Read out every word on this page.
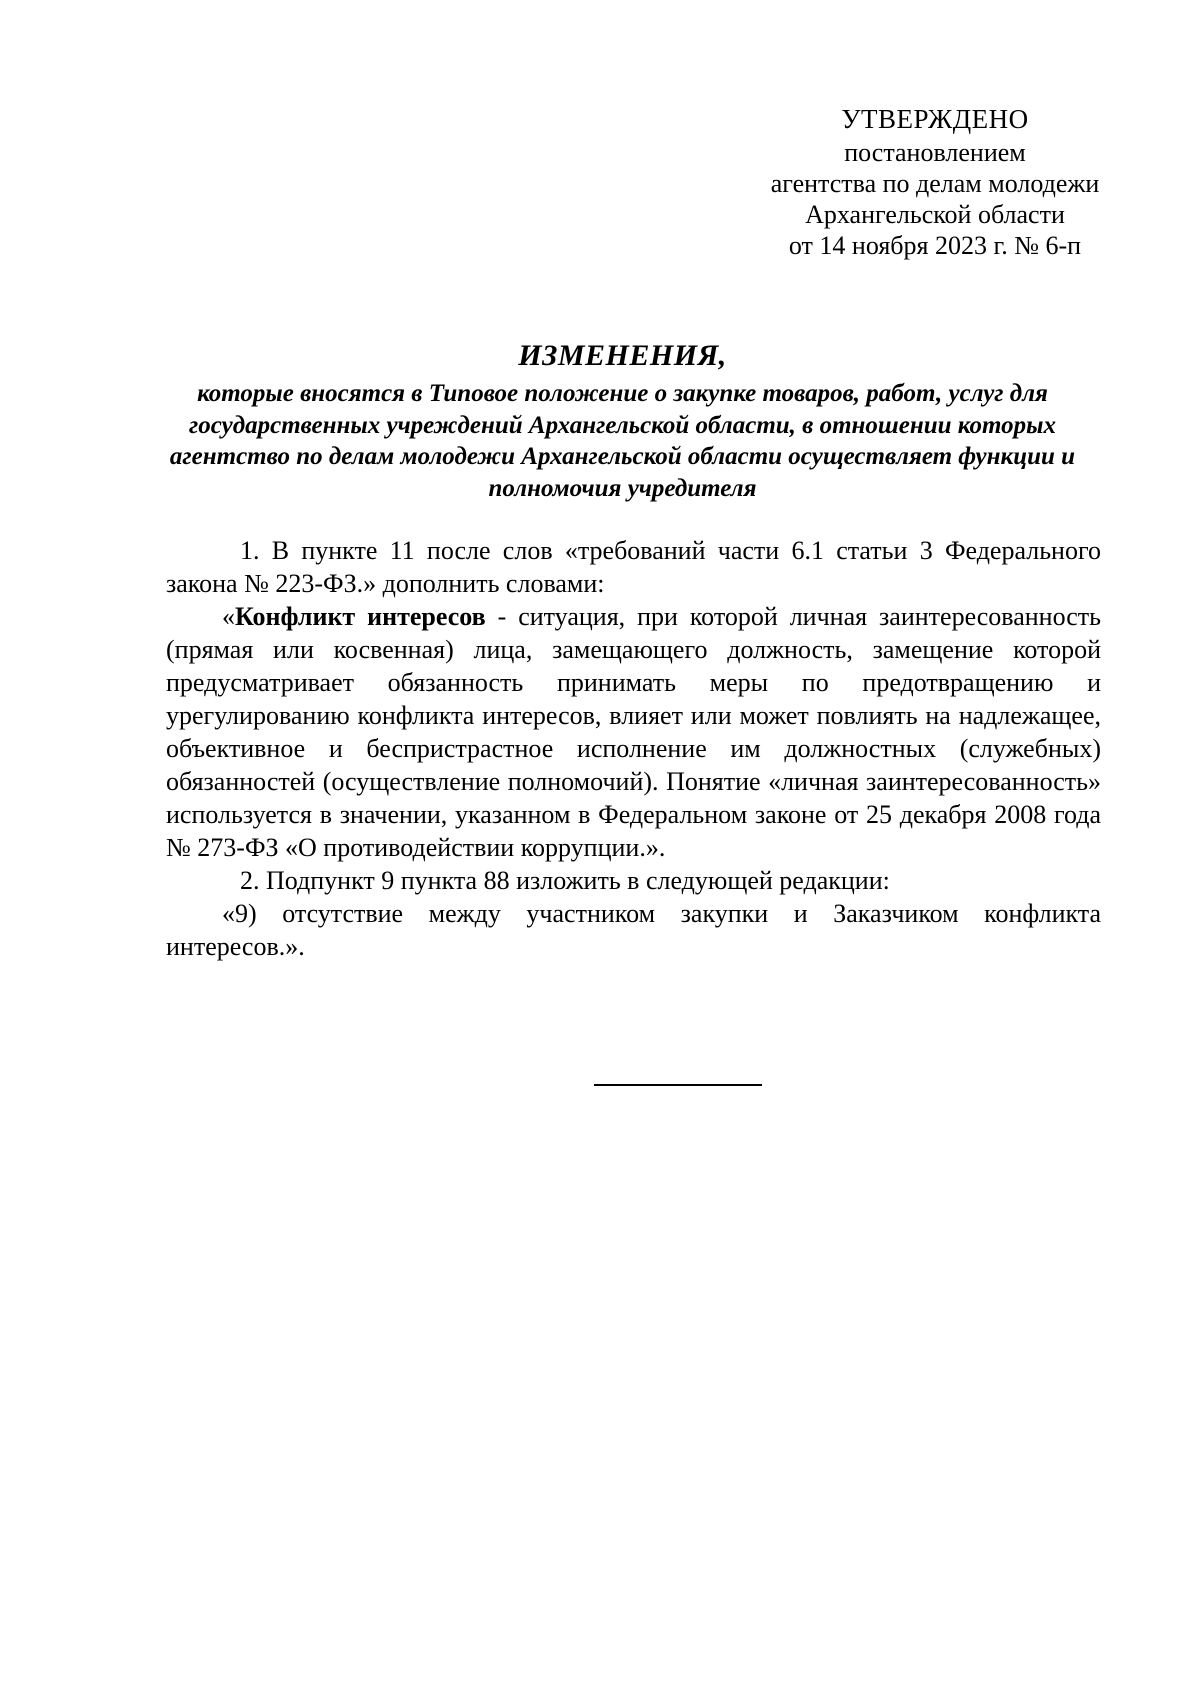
УТВЕРЖДЕНО
постановлением
агентства по делам молодежи
Архангельской области
от 14 ноября 2023 г. № 6-п
ИЗМЕНЕНИЯ,
которые вносятся в Типовое положение о закупке товаров, работ, услуг для государственных учреждений Архангельской области, в отношении которых агентство по делам молодежи Архангельской области осуществляет функции и полномочия учредителя

1. В пункте 11 после слов «требований части 6.1 статьи 3 Федерального закона № 223-ФЗ.» дополнить словами:

«Конфликт интересов - ситуация, при которой личная заинтересованность (прямая или косвенная) лица, замещающего должность, замещение которой предусматривает обязанность принимать меры по предотвращению и урегулированию конфликта интересов, влияет или может повлиять на надлежащее, объективное и беспристрастное исполнение им должностных (служебных) обязанностей (осуществление полномочий). Понятие «личная заинтересованность» используется в значении, указанном в Федеральном законе от 25 декабря 2008 года № 273-ФЗ «О противодействии коррупции.».

2. Подпункт 9 пункта 88 изложить в следующей редакции:

«9) отсутствие между участником закупки и Заказчиком конфликта интересов.».
